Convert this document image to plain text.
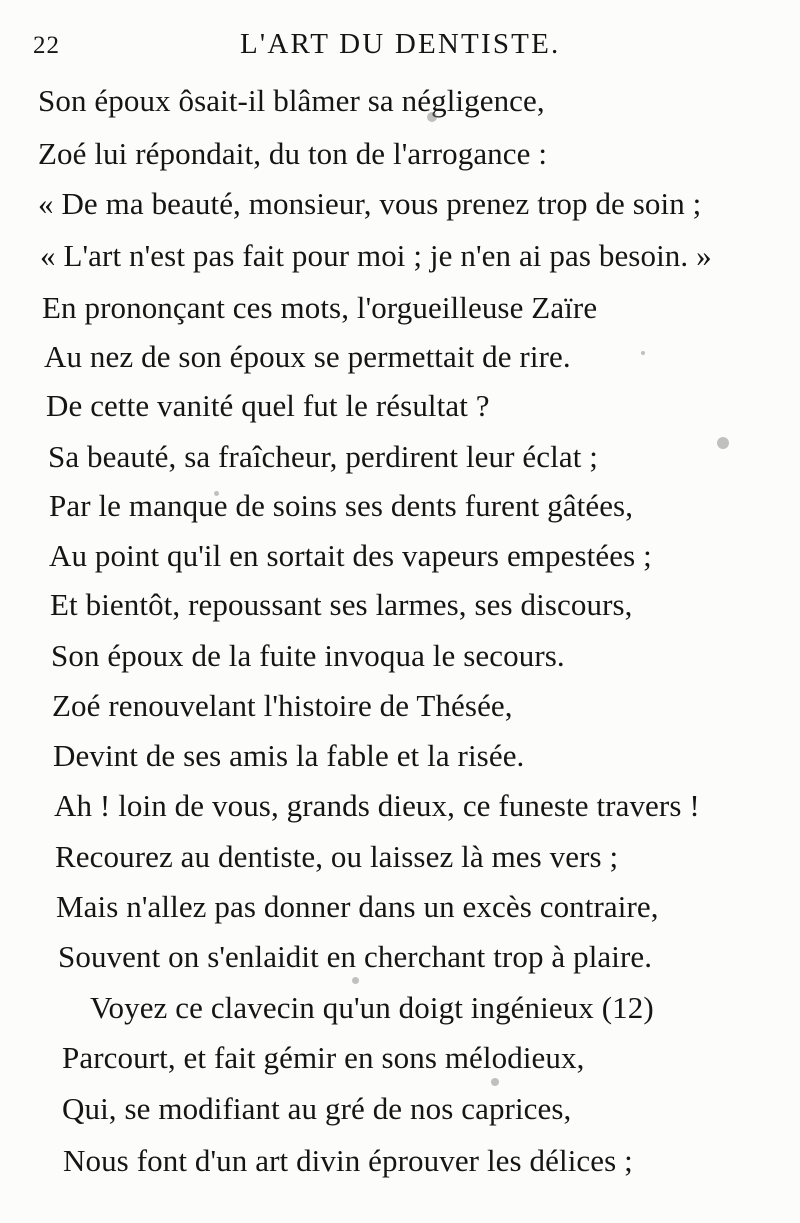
22	L'ART DU DENTISTE.
Son époux ôsait-il blâmer sa négligence,
Zoé lui répondait, du ton de l'arrogance :
« De ma beauté, monsieur, vous prenez trop de soin ;
« L'art n'est pas fait pour moi ; je n'en ai pas besoin. »
En prononçant ces mots, l'orgueilleuse Zaïre
Au nez de son époux se permettait de rire.
De cette vanité quel fut le résultat ?
Sa beauté, sa fraîcheur, perdirent leur éclat ;
Par le manque de soins ses dents furent gâtées,
Au point qu'il en sortait des vapeurs empestées ;
Et bientôt, repoussant ses larmes, ses discours,
Son époux de la fuite invoqua le secours.
Zoé renouvelant l'histoire de Thésée,
Devint de ses amis la fable et la risée.
Ah ! loin de vous, grands dieux, ce funeste travers !
Recourez au dentiste, ou laissez là mes vers ;
Mais n'allez pas donner dans un excès contraire,
Souvent on s'enlaidit en cherchant trop à plaire.
Voyez ce clavecin qu'un doigt ingénieux (12)
Parcourt, et fait gémir en sons mélodieux,
Qui, se modifiant au gré de nos caprices,
Nous font d'un art divin éprouver les délices ;
